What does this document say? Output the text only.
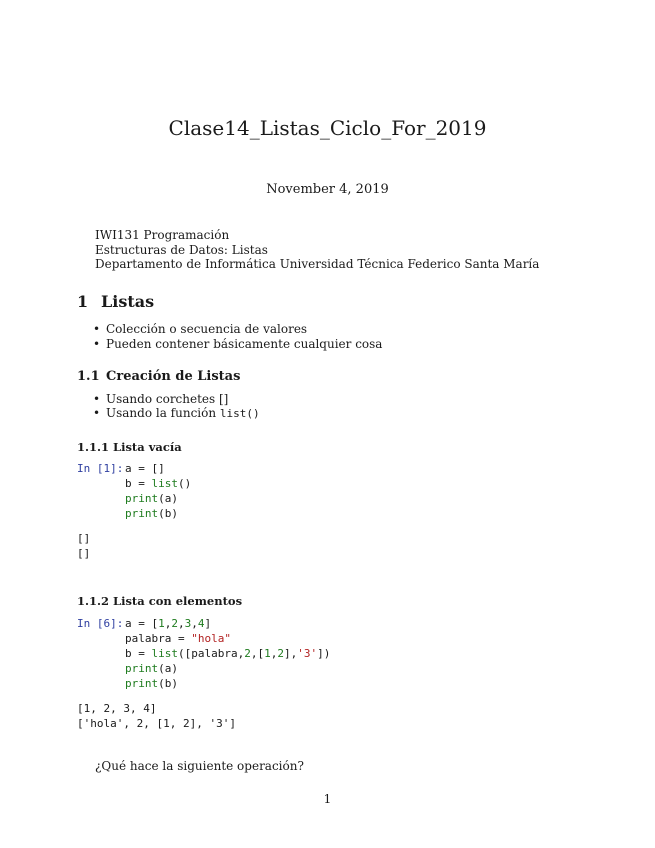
Clase14_Listas_Ciclo_For_2019
November 4, 2019
IWI131 Programación
Estructuras de Datos: Listas
Departamento de Informática Universidad Técnica Federico Santa María
1 Listas
• Colección o secuencia de valores
• Pueden contener básicamente cualquier cosa
1.1 Creación de Listas
• Usando corchetes []
• Usando la función list()
1.1.1 Lista vacía
In [1]: a = []
b = list()
print(a)
print(b)
[]
[]
1.1.2 Lista con elementos
In [6]: a = [1,2,3,4]
palabra = "hola"
b = list([palabra,2,[1,2],'3'])
print(a)
print(b)
[1, 2, 3, 4]
['hola', 2, [1, 2], '3']
¿Qué hace la siguiente operación?
1
